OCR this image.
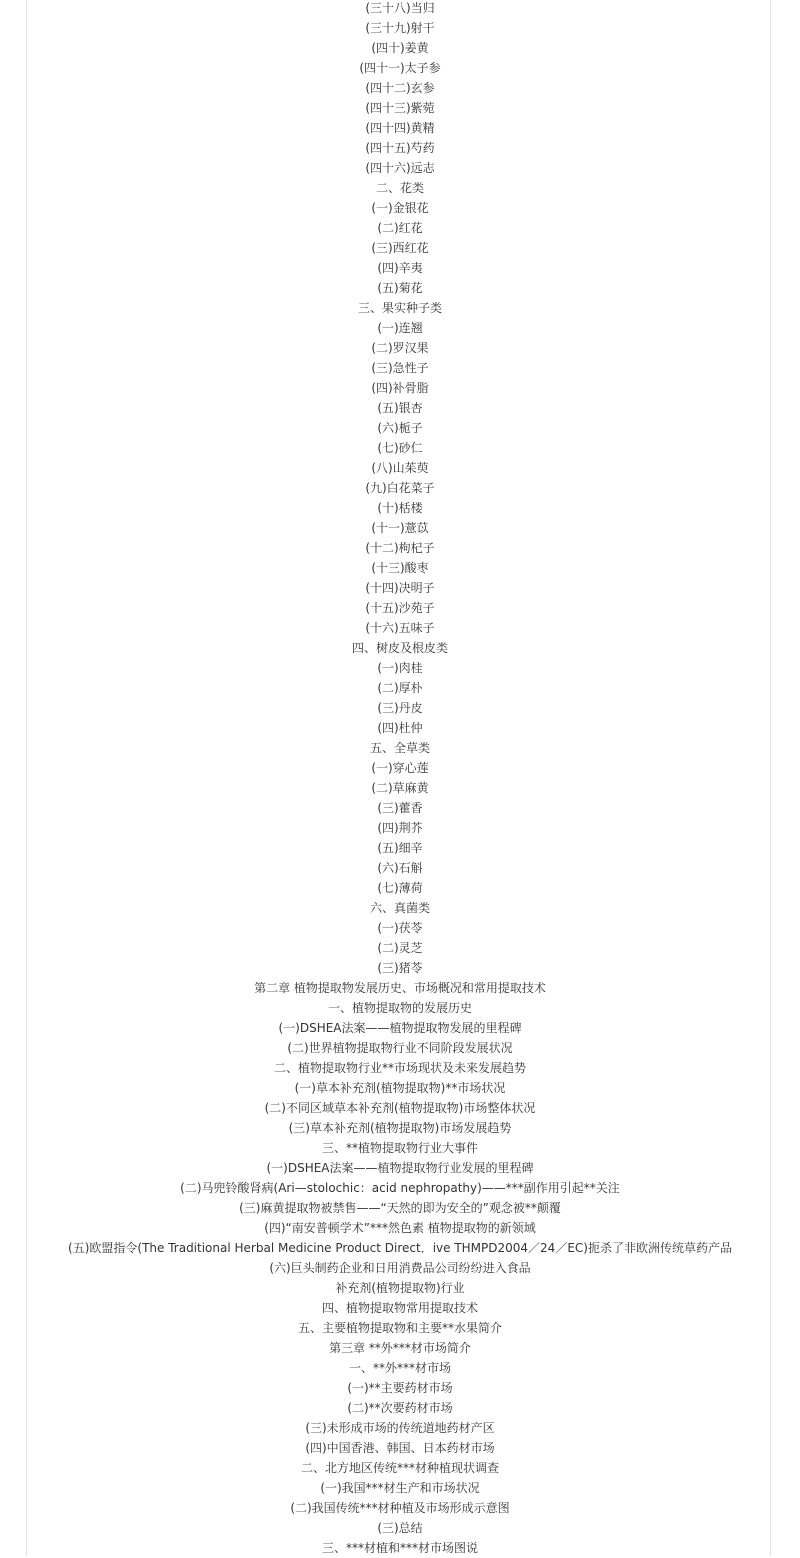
(三十八)当归
(三十九)射干
(四十)姜黄
(四十一)太子参
(四十二)玄参
(四十三)紫菀
(四十四)黄精
(四十五)芍药
(四十六)远志
二、花类
(一)金银花
(二)红花
(三)西红花
(四)辛夷
(五)菊花
三、果实种子类
(一)连翘
(二)罗汉果
(三)急性子
(四)补骨脂
(五)银杏
(六)栀子
(七)砂仁
(八)山茱萸
(九)白花菜子
(十)栝楼
(十一)薏苡
(十二)枸杞子
(十三)酸枣
(十四)决明子
(十五)沙苑子
(十六)五味子
四、树皮及根皮类
(一)肉桂
(二)厚朴
(三)丹皮
(四)杜仲
五、全草类
(一)穿心莲
(二)草麻黄
(三)藿香
(四)荆芥
(五)细辛
(六)石斛
(七)薄荷
六、真菌类
(一)茯苓
(二)灵芝
(三)猪苓
第二章 植物提取物发展历史、市场概况和常用提取技术
一、植物提取物的发展历史
(一)DSHEA法案——植物提取物发展的里程碑
(二)世界植物提取物行业不同阶段发展状况
二、植物提取物行业**市场现状及未来发展趋势
(一)草本补充剂(植物提取物)**市场状况
(二)不同区域草本补充剂(植物提取物)市场整体状况
(三)草本补充剂(植物提取物)市场发展趋势
三、**植物提取物行业大事件
(一)DSHEA法案——植物提取物行业发展的里程碑
(二)马兜铃酸肾病(Ari—stolochic：acid nephropathy)——***副作用引起**关注
(三)麻黄提取物被禁售——“天然的即为安全的”观念被**颠覆
(四)“南安普顿学术”***然色素 植物提取物的新领域
(五)欧盟指令(The Traditional Herbal Medicine Product Direct．ive THMPD2004／24／EC)扼杀了非欧洲传统草药产品
(六)巨头制药企业和日用消费品公司纷纷进入食品
补充剂(植物提取物)行业
四、植物提取物常用提取技术
五、主要植物提取物和主要**水果简介
第三章 **外***材市场简介
一、**外***材市场
(一)**主要药材市场
(二)**次要药材市场
(三)未形成市场的传统道地药材产区
(四)中国香港、韩国、日本药材市场
二、北方地区传统***材种植现状调查
(一)我国***材生产和市场状况
(二)我国传统***材种植及市场形成示意图
(三)总结
三、***材植和***材市场图说
